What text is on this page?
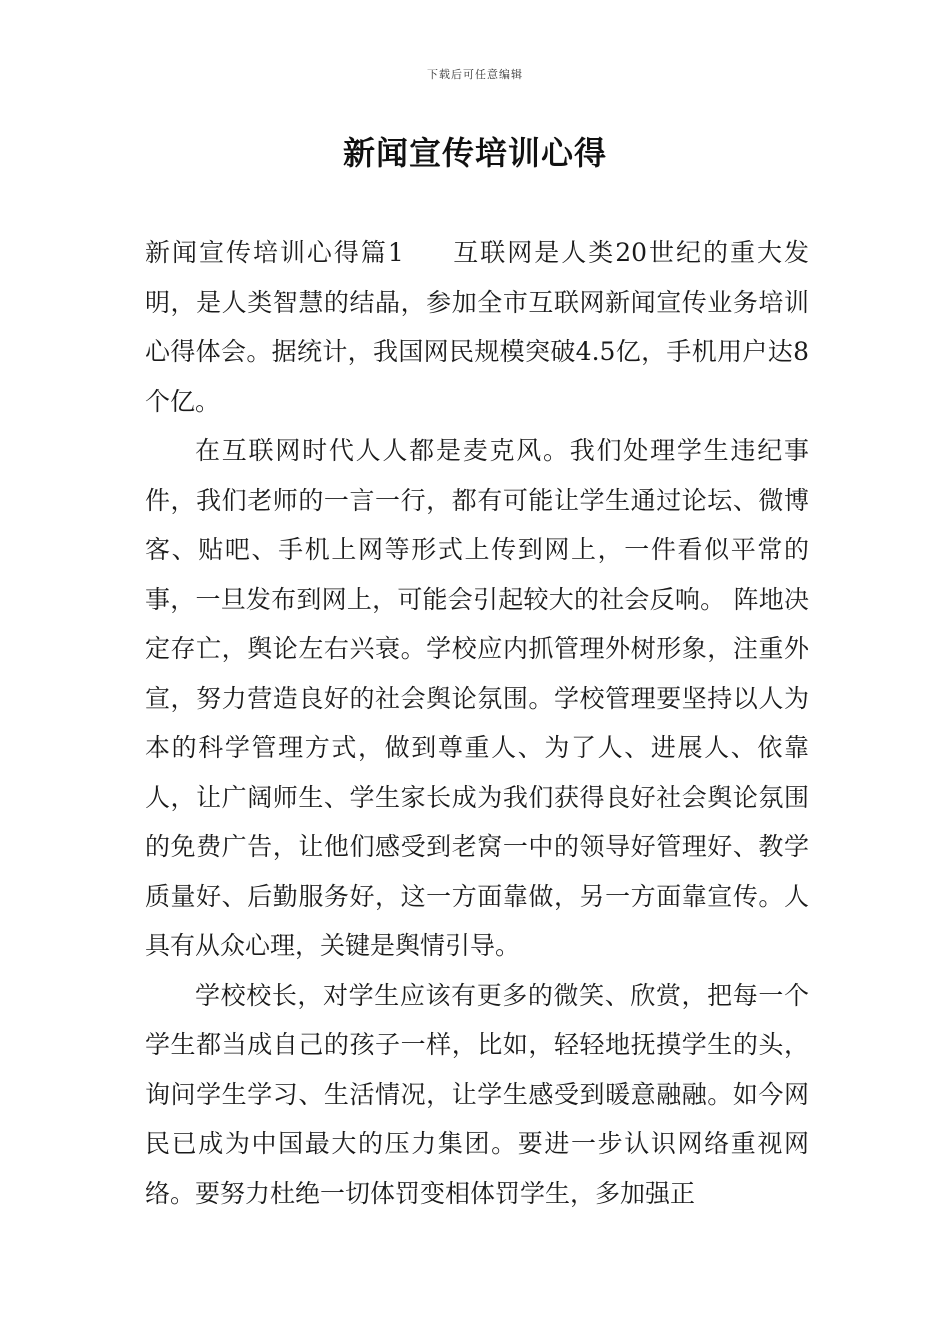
下载后可任意编辑
新闻宣传培训心得

新闻宣传培训心得篇1 互联网是人类20世纪的重大发明，是人类智慧的结晶，参加全市互联网新闻宣传业务培训心得体会。据统计，我国网民规模突破4.5亿，手机用户达8个亿。

在互联网时代人人都是麦克风。我们处理学生违纪事件，我们老师的一言一行，都有可能让学生通过论坛、微博客、贴吧、手机上网等形式上传到网上，一件看似平常的事，一旦发布到网上，可能会引起较大的社会反响。 阵地决定存亡，舆论左右兴衰。学校应内抓管理外树形象，注重外宣，努力营造良好的社会舆论氛围。学校管理要坚持以人为本的科学管理方式，做到尊重人、为了人、进展人、依靠人，让广阔师生、学生家长成为我们获得良好社会舆论氛围的免费广告，让他们感受到老窝一中的领导好管理好、教学质量好、后勤服务好，这一方面靠做，另一方面靠宣传。人具有从众心理，关键是舆情引导。

学校校长，对学生应该有更多的微笑、欣赏，把每一个学生都当成自己的孩子一样，比如，轻轻地抚摸学生的头，询问学生学习、生活情况，让学生感受到暖意融融。如今网民已成为中国最大的压力集团。要进一步认识网络重视网络。要努力杜绝一切体罚变相体罚学生，多加强正
